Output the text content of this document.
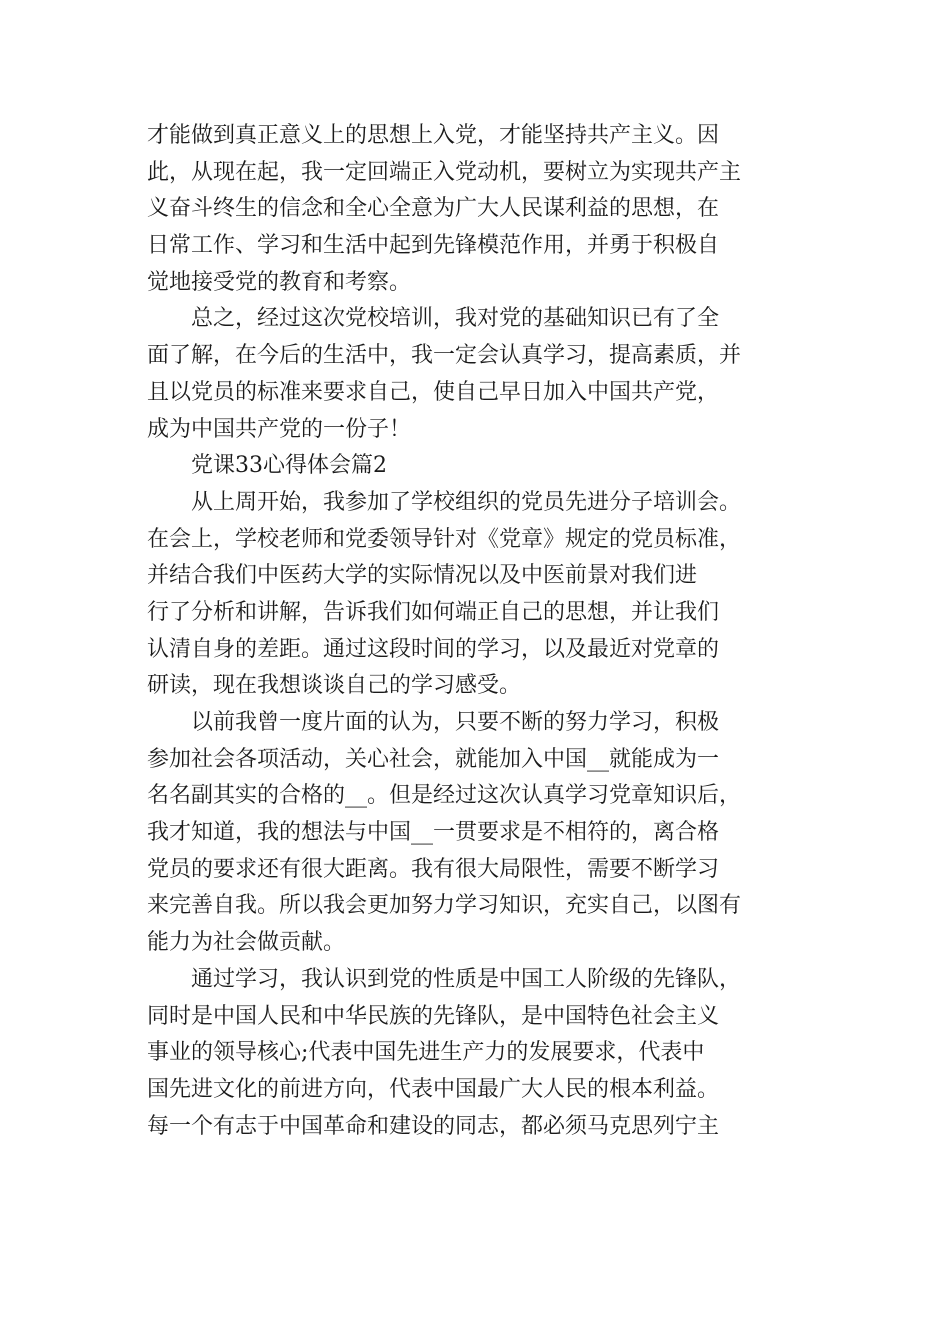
才能做到真正意义上的思想上入党，才能坚持共产主义。因
此，从现在起，我一定回端正入党动机，要树立为实现共产主
义奋斗终生的信念和全心全意为广大人民谋利益的思想，在
日常工作、学习和生活中起到先锋模范作用，并勇于积极自
觉地接受党的教育和考察。
总之，经过这次党校培训，我对党的基础知识已有了全
面了解，在今后的生活中，我一定会认真学习，提高素质，并
且以党员的标准来要求自己，使自己早日加入中国共产党，
成为中国共产党的一份子！
党课33心得体会篇2
从上周开始，我参加了学校组织的党员先进分子培训会。
在会上，学校老师和党委领导针对《党章》规定的党员标准，
并结合我们中医药大学的实际情况以及中医前景对我们进
行了分析和讲解，告诉我们如何端正自己的思想，并让我们
认清自身的差距。通过这段时间的学习，以及最近对党章的
研读，现在我想谈谈自己的学习感受。
以前我曾一度片面的认为，只要不断的努力学习，积极
参加社会各项活动，关心社会，就能加入中国__就能成为一
名名副其实的合格的__。但是经过这次认真学习党章知识后，
我才知道，我的想法与中国__一贯要求是不相符的，离合格
党员的要求还有很大距离。我有很大局限性，需要不断学习
来完善自我。所以我会更加努力学习知识，充实自己，以图有
能力为社会做贡献。
通过学习，我认识到党的性质是中国工人阶级的先锋队，
同时是中国人民和中华民族的先锋队，是中国特色社会主义
事业的领导核心;代表中国先进生产力的发展要求，代表中
国先进文化的前进方向，代表中国最广大人民的根本利益。
每一个有志于中国革命和建设的同志，都必须马克思列宁主
